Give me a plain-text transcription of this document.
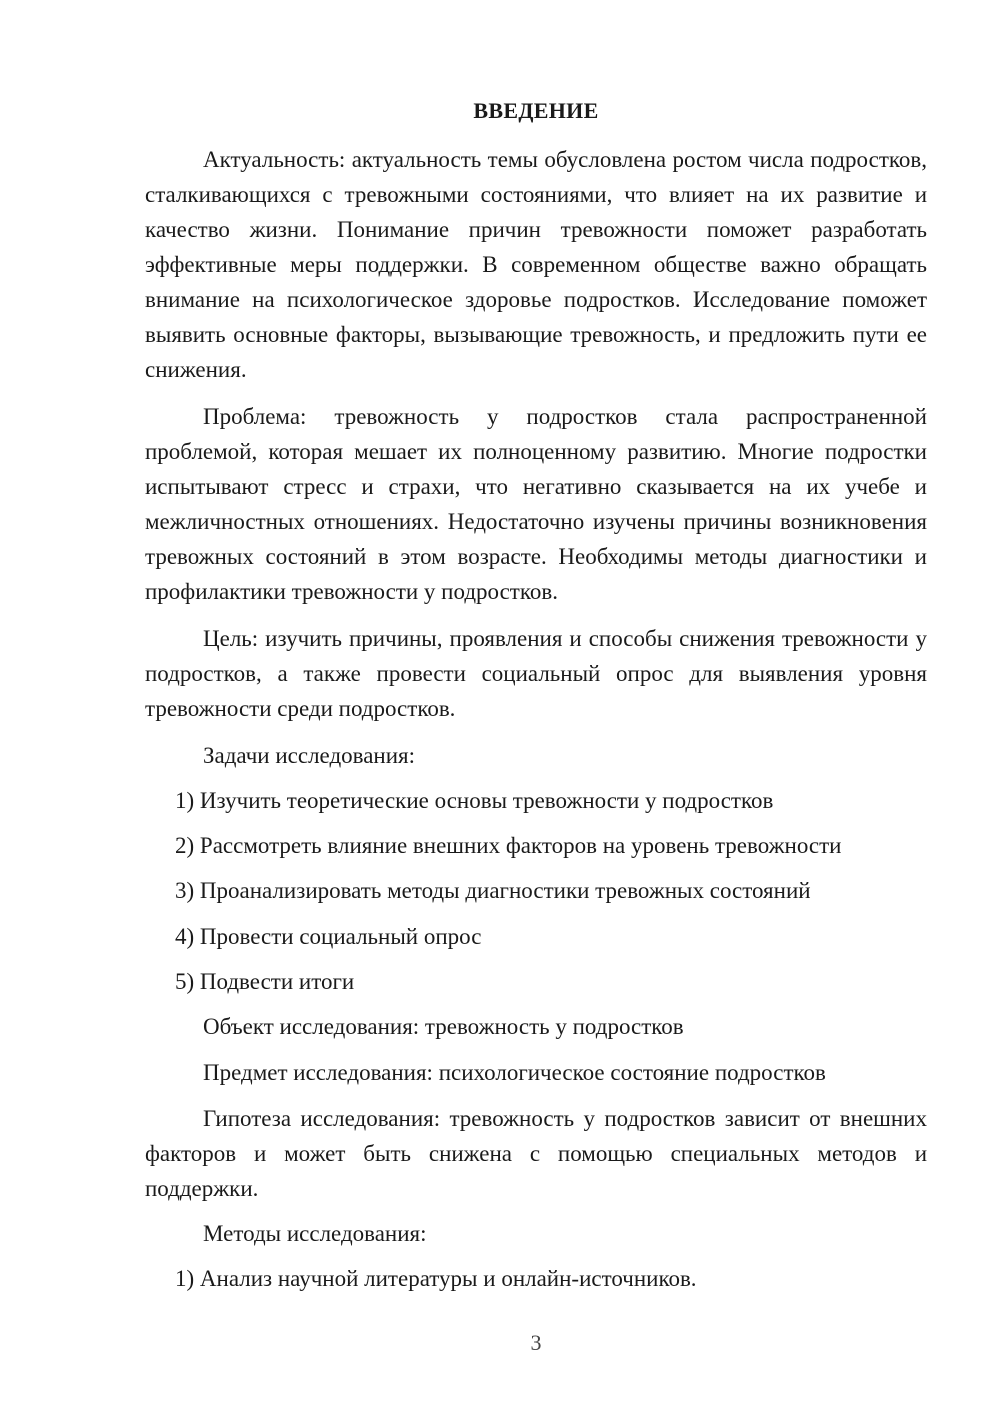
ВВЕДЕНИЕ

Актуальность: актуальность темы обусловлена ростом числа подростков, сталкивающихся с тревожными состояниями, что влияет на их развитие и качество жизни. Понимание причин тревожности поможет разработать эффективные меры поддержки. В современном обществе важно обращать внимание на психологическое здоровье подростков. Исследование поможет выявить основные факторы, вызывающие тревожность, и предложить пути ее снижения.

Проблема: тревожность у подростков стала распространенной проблемой, которая мешает их полноценному развитию. Многие подростки испытывают стресс и страхи, что негативно сказывается на их учебе и межличностных отношениях. Недостаточно изучены причины возникновения тревожных состояний в этом возрасте. Необходимы методы диагностики и профилактики тревожности у подростков.

Цель: изучить причины, проявления и способы снижения тревожности у подростков, а также провести социальный опрос для выявления уровня тревожности среди подростков.

Задачи исследования:

1) Изучить теоретические основы тревожности у подростков

2) Рассмотреть влияние внешних факторов на уровень тревожности

3) Проанализировать методы диагностики тревожных состояний

4) Провести социальный опрос

5) Подвести итоги

Объект исследования: тревожность у подростков

Предмет исследования: психологическое состояние подростков

Гипотеза исследования: тревожность у подростков зависит от внешних факторов и может быть снижена с помощью специальных методов и поддержки.

Методы исследования:

1) Анализ научной литературы и онлайн-источников.

3
